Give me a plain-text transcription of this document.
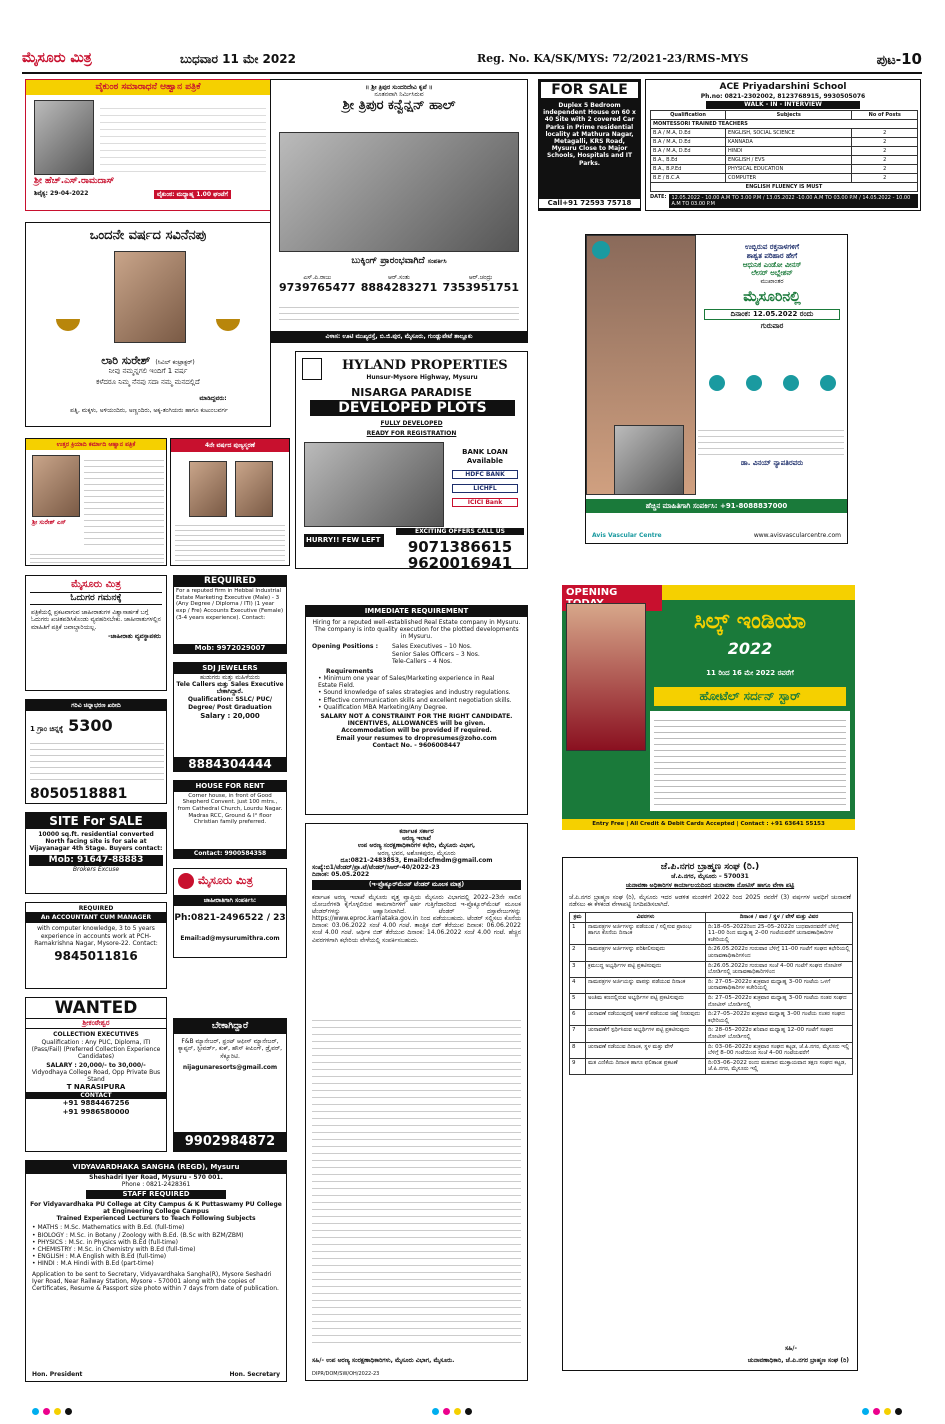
ಮೈಸೂರು ಮಿತ್ರ	ಬುಧವಾರ 11 ಮೇ 2022	Reg. No. KA/SK/MYS: 72/2021-23/RMS-MYS	ಪುಟ-10
ವೈಕುಂಠ ಸಮಾರಾಧನೆ ಆಹ್ವಾನ ಪತ್ರಿಕೆ
ಶ್ರೀ ಹೆಚ್.ಎಸ್.ರಾಮದಾಸ್
ಶಿವೈಕ್ಯ: 29-04-2022	ವೈಕುಂಠ: ಮಧ್ಯಾಹ್ನ 1.00 ಘಂಟೆಗೆ
ಒಂದನೇ ವರ್ಷದ ಸವಿನೆನಪು
ಲಾರಿ ಸುರೇಶ್ (ಸಿವಿಲ್ ಕಂಟ್ರಾಕ್ಟರ್)
ನೀವು ನಮ್ಮನ್ನಗಲಿ ಇಂದಿಗೆ 1 ವರ್ಷ
ಕಳೆದರೂ ನಿಮ್ಮ ನೆನಪು ಸದಾ ನಮ್ಮ ಮನದಲ್ಲಿದೆ
ಮಾಡಿದ್ದವರು:
ಪತ್ನಿ, ಮಕ್ಕಳು, ಅಳಿಯಂದಿರು, ಅಣ್ಣಂದಿರು, ಅಕ್ಕ-ತಂಗಿಯರು ಹಾಗೂ ಕುಟುಂಬವರ್ಗ
ಉತ್ತರ ಕ್ರಿಯಾದಿ ಕರ್ಮಾದಿ ಆಹ್ವಾನ ಪತ್ರಿಕೆ
ಶ್ರೀ ಸುರೇಶ್ ಎಸ್
4ನೇ ವರ್ಷದ ಪುಣ್ಯಸ್ಮರಣೆ
ಮೈಸೂರು ಮಿತ್ರ
ಓದುಗರ ಗಮನಕ್ಕೆ
ಪತ್ರಿಕೆಯಲ್ಲಿ ಪ್ರಕಟವಾಗುವ ಜಾಹೀರಾತುಗಳ ವಿಶ್ವಾಸಾರ್ಹತೆ ಬಗ್ಗೆ ಓದುಗರು ಖಚಿತಪಡಿಸಿಕೊಂಡು ವ್ಯವಹರಿಸಬೇಕು. ಜಾಹೀರಾತುಗಳಲ್ಲಿನ ಮಾಹಿತಿಗೆ ಪತ್ರಿಕೆ ಜವಾಬ್ದಾರಿಯಲ್ಲ.
-ಜಾಹೀರಾತು ವ್ಯವಸ್ಥಾಪಕರು
ಗರಿವಿ ಚಿನ್ನಾಭರಣ ಖರೀದಿ
1 ಗ್ರಾಂ ಚಿನ್ನಕ್ಕೆ 5300
8050518881
SITE For SALE
10000 sq.ft. residential converted North facing site is for sale at Vijayanagar 4th Stage. Buyers contact:
Mob: 91647-88883
Brokers Excuse
REQUIRED
An ACCOUNTANT CUM MANAGER
with computer knowledge, 3 to 5 years experience in accounts work at PCH-Ramakrishna Nagar, Mysore-22. Contact:
9845011816
WANTED
ಶ್ರೀಕಂಠೇಶ್ವರ
COLLECTION EXECUTIVES
Qualification : Any PUC, Diploma, ITI (Pass/Fail) (Preferred Collection Experience Candidates)
SALARY : 20,000/- to 30,000/-
Vidyodhaya College Road, Opp Private Bus Stand
T NARASIPURA
CONTACT
+91 9884467256
+91 9986580000
REQUIRED
For a reputed firm in Hebbal Industrial Estate Marketing Executive (Male) - 3 (Any Degree / Diploma / ITI) (1 year exp / Fre) Accounts Executive (Female) (3-4 years experience). Contact:
Mob: 9972029007
SDJ JEWELERS
ಹುಡುಗರು ಮತ್ತು ಮಹಿಳೆಯರು
Tele Callers ಮತ್ತು Sales Executive ಬೇಕಾಗಿದ್ದಾರೆ.
Qualification: SSLC/ PUC/ Degree/ Post Graduation
Salary : 20,000
8884304444
HOUSE FOR RENT
Corner house, in front of Good Shepherd Convent. just 100 mtrs., from Cathedral Church, Lourdu Nagar. Madras RCC, Ground & I° floor Christian family preferred.
Contact: 9900584358
ಮೈಸೂರು ಮಿತ್ರ
ಜಾಹೀರಾತಿಗಾಗಿ ಸಂಪರ್ಕಿಸಿ:
Ph:0821-2496522 / 23
Email:ad@mysurumithra.com
ಬೇಕಾಗಿದ್ದಾರೆ
F&B ಮ್ಯಾನೇಜರ್, ಫ್ರಂಟ್ ಆಫೀಸ್ ಮ್ಯಾನೇಜರ್, ಕ್ಯಾಪ್ಟನ್, ಸ್ಟೀವರ್ಡ್, ಕುಕ್, ಹೌಸ್ ಕೀಪಿಂಗ್, ಡ್ರೈವರ್, ಸೆಕ್ಯೂರಿಟಿ.
nijagunaresorts@gmail.com
9902984872
VIDYAVARDHAKA SANGHA (REGD), Mysuru
Sheshadri Iyer Road, Mysuru - 570 001.
Phone : 0821-2428361
STAFF REQUIRED
For Vidyavardhaka PU College at City Campus & K Puttaswamy PU College at Engineering College Campus
Trained Experienced Lecturers to Teach Following Subjects
• MATHS : M.Sc. Mathematics with B.Ed. (full-time)
• BIOLOGY : M.Sc. in Botany / Zoology with B.Ed. (B.Sc with BZM/ZBM)
• PHYSICS : M.Sc. in Physics with B.Ed (full-time)
• CHEMISTRY : M.Sc. in Chemistry with B.Ed (full-time)
• ENGLISH : M.A English with B.Ed (full-time)
• HINDI : M.A Hindi with B.Ed (part-time)
Application to be sent to Secretary, Vidyavardhaka Sangha(R), Mysore Seshadri Iyer Road, Near Railway Station, Mysore - 570001 along with the copies of Certificates, Resume & Passport size photo within 7 days from date of publication.
Hon. President	Hon. Secretary
॥ ಶ್ರೀ ತ್ರಿಪುರ ಸುಂದರಿದೇವಿ ಕೃಪೆ ॥
ನೂತನವಾಗಿ ನಿರ್ಮಿಸಿರುವ
ಶ್ರೀ ತ್ರಿಪುರ ಕನ್ವೆನ್ಷನ್ ಹಾಲ್
ಬುಕ್ಕಿಂಗ್ ಪ್ರಾರಂಭವಾಗಿದೆ ಸಂಪರ್ಕಿಸಿ
ಎಸ್.ಪಿ.ರಾಜು
9739765477
ಆರ್.ಸಂತು
8884283271
ಆರ್.ಚಂದ್ರು
7353951751
ವಿಳಾಸ: ಊಟಿ ಮುಖ್ಯರಸ್ತೆ, ಬಿ.ಜಿ.ಪುರ, ಮೈಸೂರು, ಗುಂಡ್ಲುಪೇಟೆ ತಾಲ್ಲೂಕು
HYLAND PROPERTIES
Hunsur-Mysore Highway, Mysuru
NISARGA PARADISE
DEVELOPED PLOTS
FULLY DEVELOPED
READY FOR REGISTRATION
BANK LOAN Available
HDFC BANK
LICHFL
ICICI Bank
HURRY!! FEW LEFT
EXCITING OFFERS CALL US
9071386615
9620016941
IMMEDIATE REQUIREMENT
Hiring for a reputed well-established Real Estate company in Mysuru.
The company is into quality execution for the plotted developments in Mysuru.
Opening Positions :	Sales Executives – 10 Nos.
Senior Sales Officers – 3 Nos.
Tele-Callers – 4 Nos.
Requirements
• Minimum one year of Sales/Marketing experience in Real Estate Field.
• Sound knowledge of sales strategies and industry regulations.
• Effective communication skills and excellent negotiation skills.
• Qualification MBA Marketing/Any Degree.
SALARY NOT A CONSTRAINT FOR THE RIGHT CANDIDATE.
INCENTIVES, ALLOWANCES will be given.
Accommodation will be provided if required.
Email your resumes to dropresumes@zoho.com
Contact No. - 9606008447
ಕರ್ನಾಟಕ ಸರ್ಕಾರ
ಅರಣ್ಯ ಇಲಾಖೆ
ಉಪ ಅರಣ್ಯ ಸಂರಕ್ಷಣಾಧಿಕಾರಿಗಳ ಕಛೇರಿ, ಮೈಸೂರು ವಿಭಾಗ,
ಅರಣ್ಯ ಭವನ, ಅಶೋಕಪುರಂ, ಮೈಸೂರು
ದೂ:0821-2483853, Email:dcfmdm@gmail.com
ಸಂಖ್ಯೆ:ಬಿ1/ಟೆಂಡರ್/ಪ್ರಾ.ಟೆ/ಟೆಂಡರ್/ಸಿಆರ್-40/2022-23
ದಿನಾಂಕ: 05.05.2022
(ಇ-ಪ್ರೊಕ್ಯೂರ್‌ಮೆಂಟ್ ಟೆಂಡರ್ ಮೂಲಕ ಮಾತ್ರ)
ಕರ್ನಾಟಕ ಅರಣ್ಯ ಇಲಾಖೆ ಮೈಸೂರು ವೃತ್ತ ವ್ಯಾಪ್ತಿಯ ಮೈಸೂರು ವಿಭಾಗದಲ್ಲಿ 2022–23ನೇ ಸಾಲಿನ ಯೋಜನೆಗಳಡಿ ಕೈಗೊಳ್ಳಲಿರುವ ಕಾಮಗಾರಿಗಳಿಗೆ ಅರ್ಹ ಗುತ್ತಿಗೆದಾರರಿಂದ ಇ-ಪ್ರೊಕ್ಯೂರ್‌ಮೆಂಟ್ ಮೂಲಕ ಟೆಂಡರ್‌ಗಳನ್ನು ಆಹ್ವಾನಿಸಲಾಗಿದೆ. ಟೆಂಡರ್ ದಸ್ತಾವೇಜುಗಳನ್ನು https://www.eproc.karnataka.gov.in ನಿಂದ ಪಡೆಯಬಹುದು. ಟೆಂಡರ್ ಸಲ್ಲಿಸಲು ಕೊನೆಯ ದಿನಾಂಕ: 03.06.2022 ಸಂಜೆ 4.00 ಗಂಟೆ. ತಾಂತ್ರಿಕ ಬಿಡ್ ತೆರೆಯುವ ದಿನಾಂಕ: 06.06.2022 ಸಂಜೆ 4.00 ಗಂಟೆ. ಆರ್ಥಿಕ ಬಿಡ್ ತೆರೆಯುವ ದಿನಾಂಕ: 14.06.2022 ಸಂಜೆ 4.00 ಗಂಟೆ. ಹೆಚ್ಚಿನ ವಿವರಗಳಿಗಾಗಿ ಕಛೇರಿಯ ವೇಳೆಯಲ್ಲಿ ಸಂಪರ್ಕಿಸಬಹುದು.
ಸಹಿ/- ಉಪ ಅರಣ್ಯ ಸಂರಕ್ಷಣಾಧಿಕಾರಿಗಳು, ಮೈಸೂರು ವಿಭಾಗ, ಮೈಸೂರು.
DIPR/DOM/SW/OH/2022-23
FOR SALE
Duplex 5 Bedroom independent House on 60 x 40 Site with 2 covered Car Parks in Prime residential locality at Mathura Nagar, Metagalli, KRS Road, Mysuru Close to Major Schools, Hospitals and IT Parks.
Call+91 72593 75718
ACE Priyadarshini School
Ph.no: 0821-2302002, 8123768915, 9930505076
WALK - IN - INTERVIEW
Qualification	Subjects	No of Posts
MONTESSORI TRAINED TEACHERS		
B.A / M.A, D.Ed	ENGLISH, SOCIAL SCIENCE	2
B.A / M.A, D.Ed	KANNADA	2
B.A / M.A, D.Ed	HINDI	2
B.A., B.Ed	ENGLISH / EVS	2
B.A., B.P.Ed	PHYSICAL EDUCATION	2
B.E / B.C.A	COMPUTER	2
ENGLISH FLUENCY IS MUST		
DATE:	12.05.2022 - 10.00 A.M TO 3.00 P.M / 13.05.2022 -10.00 A.M TO 03.00 P.M / 14.05.2022 - 10.00 A.M TO 03.00 P.M
ಉಬ್ಬಿರುವ ರಕ್ತನಾಳಗಳಿಗೆ
ಶಾಶ್ವತ ಪರಿಹಾರ ಹೇಗೆ
ಆಧುನಿಕ ಎಂಡೋ ವೀನಸ್
ಲೇಸರ್ ಅಬ್ಲೇಶನ್
ಮುಖಾಂತರ
ಮೈಸೂರಿನಲ್ಲಿ
ದಿನಾಂಕ: 12.05.2022 ರಂದು
ಗುರುವಾರ
ಡಾ. ವಿನಯ್ ನ್ಯಾಪತಿರವರು
ಹೆಚ್ಚಿನ ಮಾಹಿತಿಗಾಗಿ ಸಂಪರ್ಕಿಸಿ: +91-8088837000
Avis Vascular Centre	www.avisvascularcentre.com
OPENING
ಸಿಲ್ಕ್ ಇಂಡಿಯಾ
2022
11 ರಿಂದ 16 ಮೇ 2022 ರವರೆಗೆ
ಹೋಟೆಲ್ ಸರ್ದನ್ ಸ್ಟಾರ್
Entry Free | All Credit & Debit Cards Accepted | Contact : +91 63641 55153
ಜೆ.ಪಿ.ನಗರ ಬ್ರಾಹ್ಮಣ ಸಂಘ (ರಿ.)
ಜೆ.ಪಿ.ನಗರ, ಮೈಸೂರು – 570031
ಚುನಾವಣಾ ಅಧಿಕಾರಿಗಳ ಕಾರ್ಯಾಲಯದಿಂದ ಚುನಾವಣಾ ನೋಟಿಸ್ ಹಾಗೂ ವೇಳಾ ಪಟ್ಟಿ
ಜೆ.ಪಿ.ನಗರ ಬ್ರಾಹ್ಮಣ ಸಂಘ (ರಿ), ಮೈಸೂರು ಇದರ ಆಡಳಿತ ಮಂಡಳಿಗೆ 2022 ರಿಂದ 2025 ರವರೆಗೆ (3) ವರ್ಷಗಳ ಅವಧಿಗೆ ಚುನಾವಣೆ ನಡೆಸಲು ಈ ಕೆಳಕಂಡ ವೇಳಾಪಟ್ಟಿ ನಿಗದಿಪಡಿಸಲಾಗಿದೆ.
ಕ್ರಮ	ವಿವರಗಳು	ದಿನಾಂಕ / ವಾರ / ಸ್ಥಳ / ವೇಳೆ ಮತ್ತು ವಿವರ
1	ನಾಮಪತ್ರಗಳ ಅರ್ಜಿಗಳನ್ನು ಪಡೆಯುವ / ಸಲ್ಲಿಸುವ ಪ್ರಾರಂಭ ಹಾಗೂ ಕೊನೆಯ ದಿನಾಂಕ	ದಿ:18–05–2022ರಿಂದ 25–05–2022ರ ಬುಧವಾರದವರೆಗೆ ಬೆಳಿಗ್ಗೆ 11–00 ರಿಂದ ಮಧ್ಯಾಹ್ನ 2–00 ಗಂಟೆಯವರೆಗೆ ಚುನಾವಣಾಧಿಕಾರಿಗಳ ಕಚೇರಿಯಲ್ಲಿ
2	ನಾಮಪತ್ರಗಳ ಅರ್ಜಿಗಳನ್ನು ಪರಿಶೀಲಿಸುವುದು	ದಿ:26.05.2022ರ ಗುರುವಾರ ಬೆಳಿಗ್ಗೆ 11–00 ಗಂಟೆಗೆ ಸಂಘದ ಕಛೇರಿಯಲ್ಲಿ ಚುನಾವಣಾಧಿಕಾರಿಗಳಿಂದ
3	ಕ್ರಮಬದ್ಧ ಅಭ್ಯರ್ಥಿಗಳ ಪಟ್ಟಿ ಪ್ರಕಟಿಸುವುದು	ದಿ:26.05.2022ರ ಗುರುವಾರ ಸಂಜೆ 4–00 ಗಂಟೆಗೆ ಸಂಘದ ನೋಟೀಸ್ ಬೋರ್ಡಿನಲ್ಲಿ ಚುನಾವಣಾಧಿಕಾರಿಗಳಿಂದ
4	ನಾಮಪತ್ರಗಳ ಅರ್ಜಿಯನ್ನು ವಾಪಸ್ಸು ಪಡೆಯುವ ದಿನಾಂಕ	ದಿ: 27–05–2022ರ ಶುಕ್ರವಾರ ಮಧ್ಯಾಹ್ನ 3–00 ಗಂಟೆಯ ಒಳಗೆ ಚುನಾವಣಾಧಿಕಾರಿಗಳ ಕಚೇರಿಯಲ್ಲಿ
5	ಅಂತಿಮ ಕಣದಲ್ಲಿರುವ ಅಭ್ಯರ್ಥಿಗಳ ಪಟ್ಟಿ ಪ್ರಕಟಿಸುವುದು	ದಿ: 27–05–2022ರ ಶುಕ್ರವಾರ ಮಧ್ಯಾಹ್ನ 3–00 ಗಂಟೆಯ ನಂತರ ಸಂಘದ ನೋಟೀಸ್ ಬೋರ್ಡಿನಲ್ಲಿ
6	ಚುನಾವಣೆ ನಡೆಯುವುದಕ್ಕೆ ಅರ್ಹತೆ ಪಡೆಯುವ ಚಿಹ್ನೆ ನೀಡುವುದು	ದಿ:27–05–2022ರ ಶುಕ್ರವಾರ ಮಧ್ಯಾಹ್ನ 3–00 ಗಂಟೆಯ ನಂತರ ಸಂಘದ ಕಛೇರಿಯಲ್ಲಿ
7	ಚುನಾವಣೆಗೆ ಸ್ಪರ್ಧಿಸಿರುವ ಅಭ್ಯರ್ಥಿಗಳ ಪಟ್ಟಿ ಪ್ರಕಟಿಸುವುದು	ದಿ: 28–05–2022ರ ಶನಿವಾರ ಮಧ್ಯಾಹ್ನ 12–00 ಗಂಟೆಗೆ ಸಂಘದ ನೋಟೀಸ್ ಬೋರ್ಡಿನಲ್ಲಿ
8	ಚುನಾವಣೆ ನಡೆಯುವ ದಿನಾಂಕ, ಸ್ಥಳ ಮತ್ತು ವೇಳೆ	ದಿ: 03–06–2022ರ ಶುಕ್ರವಾರ ಸಂಘದ ಕಟ್ಟಡ, ಜೆ.ಪಿ.ನಗರ, ಮೈಸೂರು ಇಲ್ಲಿ ಬೆಳಿಗ್ಗೆ 8–00 ಗಂಟೆಯಿಂದ ಸಂಜೆ 4–00 ಗಂಟೆಯವರೆಗೆ
9	ಮತ ಎಣಿಕೆಯ ದಿನಾಂಕ ಹಾಗೂ ಫಲಿತಾಂಶ ಪ್ರಕಟಣೆ	ದಿ:03–06–2022 ರಂದು ಮತದಾನ ಮುಕ್ತಾಯವಾದ ತಕ್ಷಣ ಸಂಘದ ಕಟ್ಟಡ, ಜೆ.ಪಿ.ನಗರ, ಮೈಸೂರು ಇಲ್ಲಿ
ಸಹಿ/-
ಚುನಾವಣಾಧಿಕಾರಿ, ಜೆ.ಪಿ.ನಗರ ಬ್ರಾಹ್ಮಣ ಸಂಘ (ರಿ)
